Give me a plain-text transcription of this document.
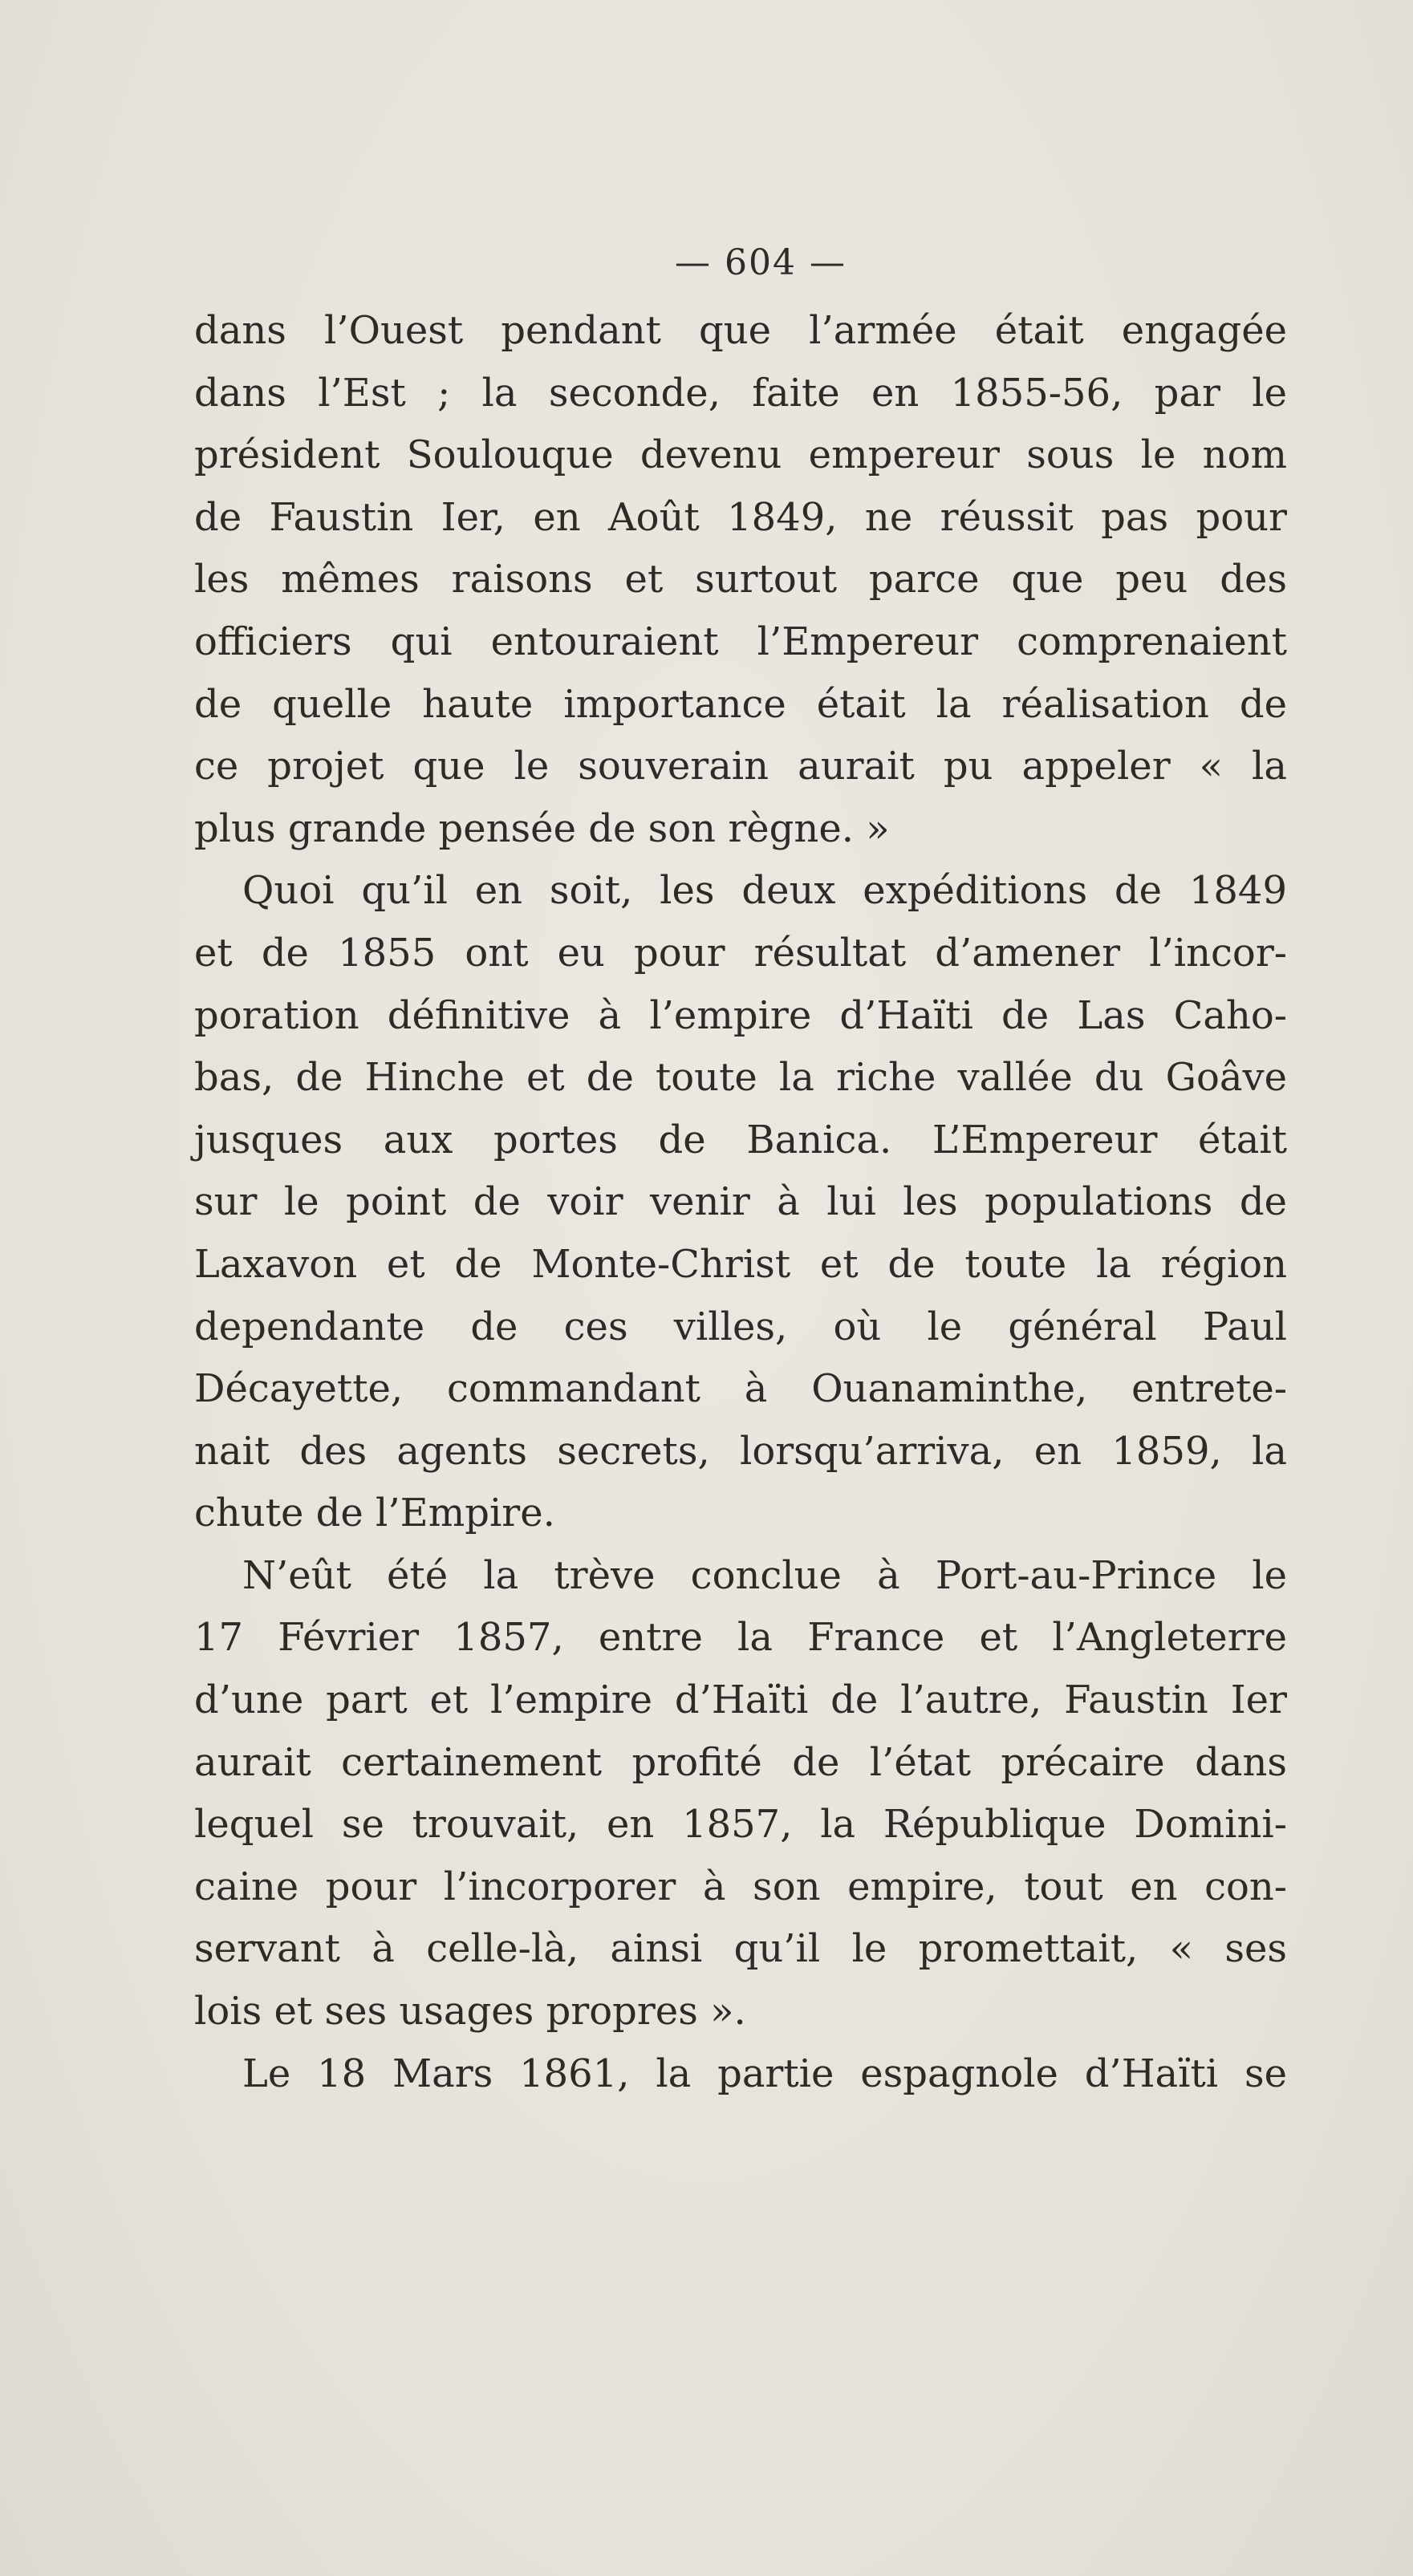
— 604 —
dans l’Ouest pendant que l’armée était engagée
dans l’Est ; la seconde, faite en 1855-56, par le
président Soulouque devenu empereur sous le nom
de Faustin Ier, en Août 1849, ne réussit pas pour
les mêmes raisons et surtout parce que peu des
officiers qui entouraient l’Empereur comprenaient
de quelle haute importance était la réalisation de
ce projet que le souverain aurait pu appeler « la
plus grande pensée de son règne. »
Quoi qu’il en soit, les deux expéditions de 1849
et de 1855 ont eu pour résultat d’amener l’incor-
poration définitive à l’empire d’Haïti de Las Caho-
bas, de Hinche et de toute la riche vallée du Goâve
jusques aux portes de Banica. L’Empereur était
sur le point de voir venir à lui les populations de
Laxavon et de Monte-Christ et de toute la région
dependante de ces villes, où le général Paul
Décayette, commandant à Ouanaminthe, entrete-
nait des agents secrets, lorsqu’arriva, en 1859, la
chute de l’Empire.
N’eût été la trève conclue à Port-au-Prince le
17 Février 1857, entre la France et l’Angleterre
d’une part et l’empire d’Haïti de l’autre, Faustin Ier
aurait certainement profité de l’état précaire dans
lequel se trouvait, en 1857, la République Domini-
caine pour l’incorporer à son empire, tout en con-
servant à celle-là, ainsi qu’il le promettait, « ses
lois et ses usages propres ».
Le 18 Mars 1861, la partie espagnole d’Haïti se
